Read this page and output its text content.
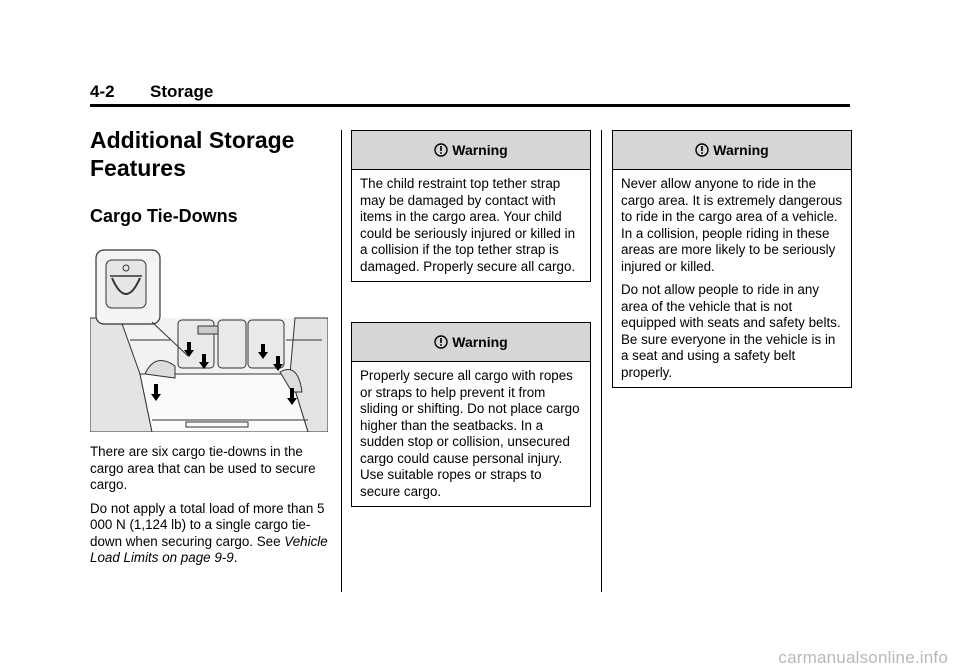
4-2 Storage
Additional Storage Features
Cargo Tie-Downs

There are six cargo tie-downs in the cargo area that can be used to secure cargo.

Do not apply a total load of more than 5 000 N (1,124 lb) to a single cargo tie-down when securing cargo. See Vehicle Load Limits on page 9-9.

Warning

The child restraint top tether strap may be damaged by contact with items in the cargo area. Your child could be seriously injured or killed in a collision if the top tether strap is damaged. Properly secure all cargo.

Warning

Properly secure all cargo with ropes or straps to help prevent it from sliding or shifting. Do not place cargo higher than the seatbacks. In a sudden stop or collision, unsecured cargo could cause personal injury. Use suitable ropes or straps to secure cargo.

Warning

Never allow anyone to ride in the cargo area. It is extremely dangerous to ride in the cargo area of a vehicle. In a collision, people riding in these areas are more likely to be seriously injured or killed.

Do not allow people to ride in any area of the vehicle that is not equipped with seats and safety belts. Be sure everyone in the vehicle is in a seat and using a safety belt properly.

carmanualsonline.info
